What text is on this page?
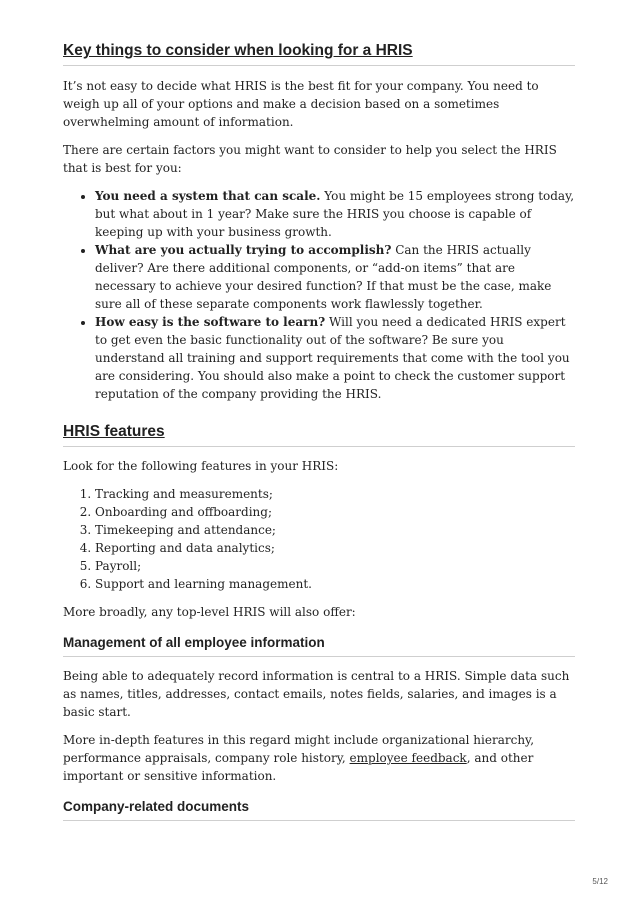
Key things to consider when looking for a HRIS

It’s not easy to decide what HRIS is the best fit for your company. You need to weigh up all of your options and make a decision based on a sometimes overwhelming amount of information.

There are certain factors you might want to consider to help you select the HRIS that is best for you:

• You need a system that can scale. You might be 15 employees strong today, but what about in 1 year? Make sure the HRIS you choose is capable of keeping up with your business growth.
• What are you actually trying to accomplish? Can the HRIS actually deliver? Are there additional components, or “add-on items” that are necessary to achieve your desired function? If that must be the case, make sure all of these separate components work flawlessly together.
• How easy is the software to learn? Will you need a dedicated HRIS expert to get even the basic functionality out of the software? Be sure you understand all training and support requirements that come with the tool you are considering. You should also make a point to check the customer support reputation of the company providing the HRIS.
HRIS features

Look for the following features in your HRIS:

1. Tracking and measurements;
2. Onboarding and offboarding;
3. Timekeeping and attendance;
4. Reporting and data analytics;
5. Payroll;
6. Support and learning management.

More broadly, any top-level HRIS will also offer:

Management of all employee information

Being able to adequately record information is central to a HRIS. Simple data such as names, titles, addresses, contact emails, notes fields, salaries, and images is a basic start.

More in-depth features in this regard might include organizational hierarchy, performance appraisals, company role history, employee feedback, and other important or sensitive information.

Company-related documents
5/12
